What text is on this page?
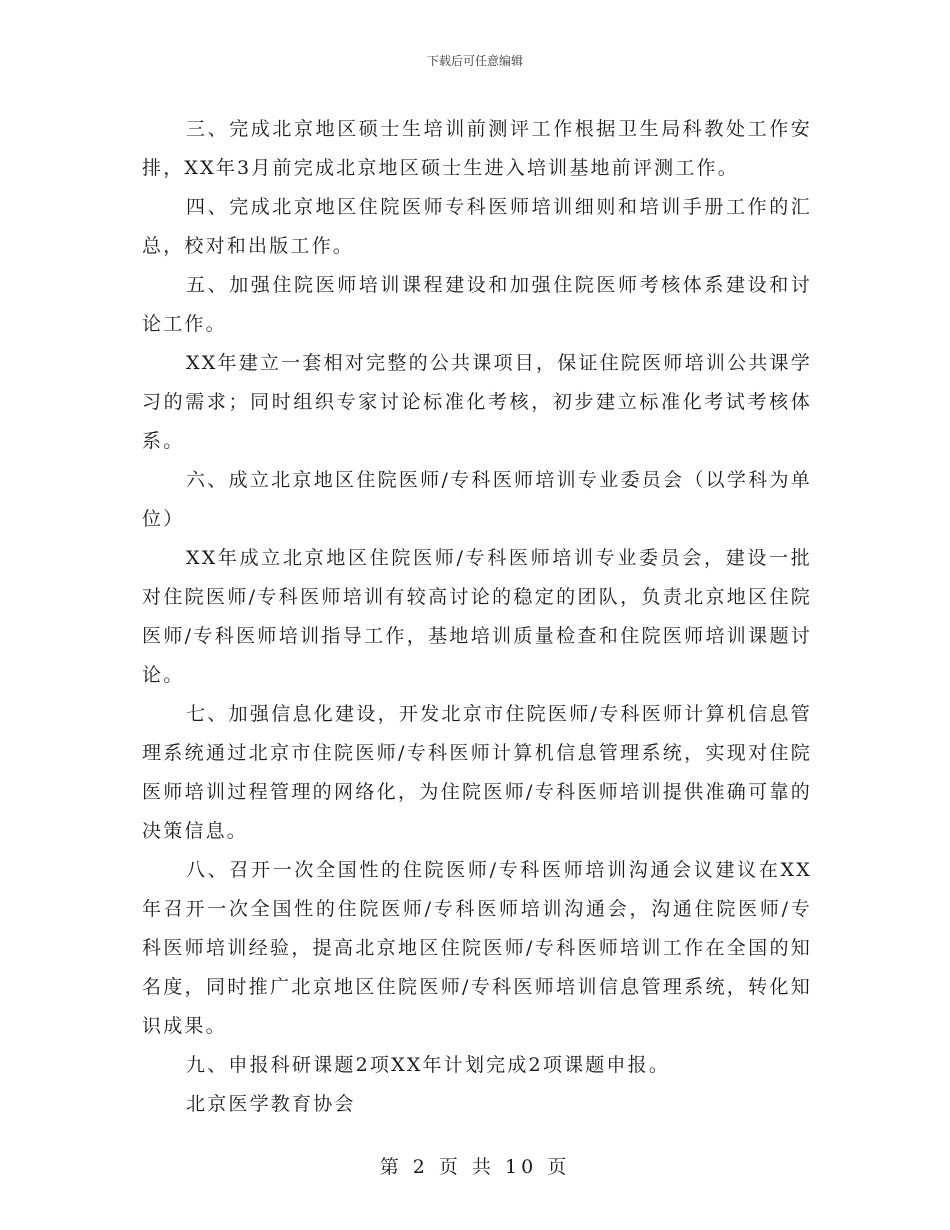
下载后可任意编辑

三、完成北京地区硕士生培训前测评工作根据卫生局科教处工作安排，XX年3月前完成北京地区硕士生进入培训基地前评测工作。

四、完成北京地区住院医师专科医师培训细则和培训手册工作的汇总，校对和出版工作。

五、加强住院医师培训课程建设和加强住院医师考核体系建设和讨论工作。

XX年建立一套相对完整的公共课项目，保证住院医师培训公共课学习的需求；同时组织专家讨论标准化考核，初步建立标准化考试考核体系。

六、成立北京地区住院医师/专科医师培训专业委员会（以学科为单位）

XX年成立北京地区住院医师/专科医师培训专业委员会，建设一批对住院医师/专科医师培训有较高讨论的稳定的团队，负责北京地区住院医师/专科医师培训指导工作，基地培训质量检查和住院医师培训课题讨论。

七、加强信息化建设，开发北京市住院医师/专科医师计算机信息管理系统通过北京市住院医师/专科医师计算机信息管理系统，实现对住院医师培训过程管理的网络化，为住院医师/专科医师培训提供准确可靠的决策信息。

八、召开一次全国性的住院医师/专科医师培训沟通会议建议在XX年召开一次全国性的住院医师/专科医师培训沟通会，沟通住院医师/专科医师培训经验，提高北京地区住院医师/专科医师培训工作在全国的知名度，同时推广北京地区住院医师/专科医师培训信息管理系统，转化知识成果。

九、申报科研课题2项XX年计划完成2项课题申报。

北京医学教育协会

第 2 页 共 10 页
